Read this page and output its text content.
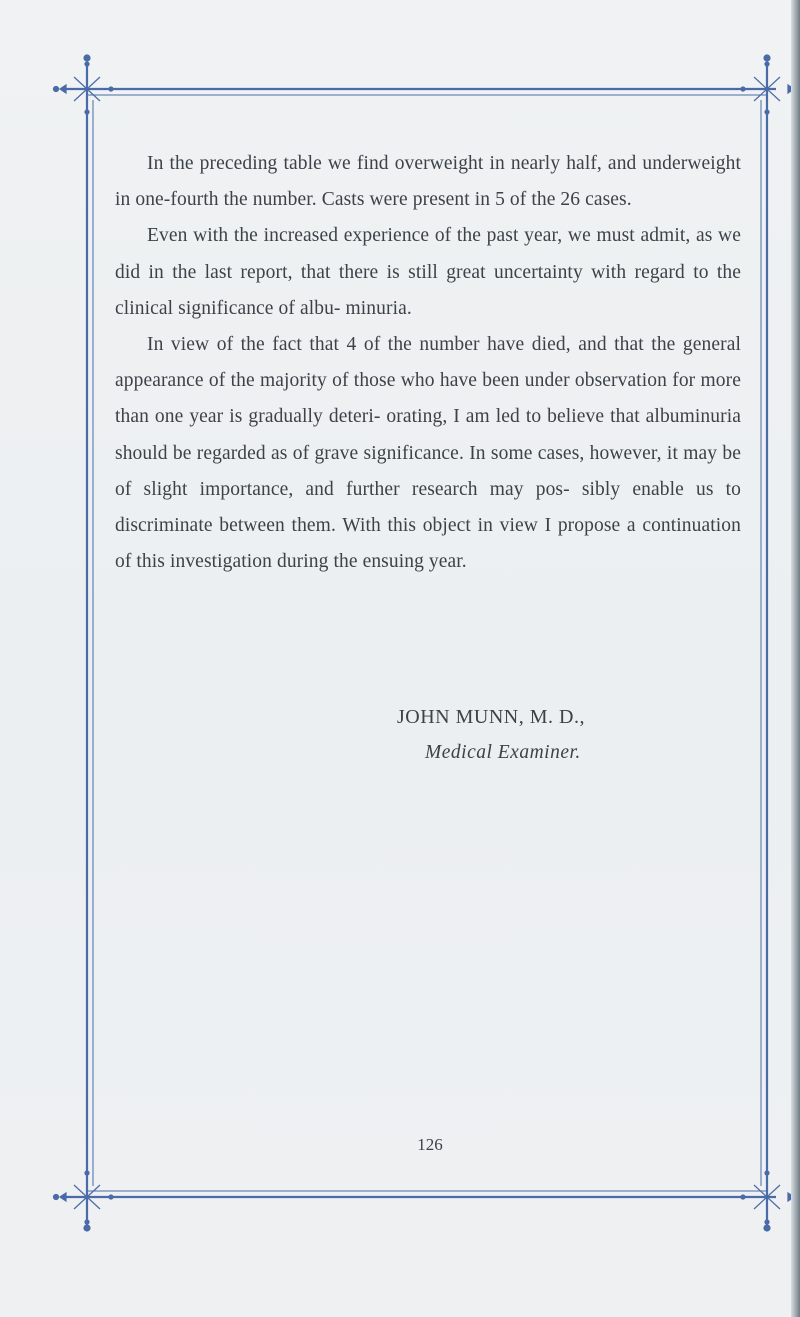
In the preceding table we find overweight in nearly half, and underweight in one-fourth the number. Casts were present in 5 of the 26 cases.

Even with the increased experience of the past year, we must admit, as we did in the last report, that there is still great uncertainty with regard to the clinical significance of albu- minuria.

In view of the fact that 4 of the number have died, and that the general appearance of the majority of those who have been under observation for more than one year is gradually deteri- orating, I am led to believe that albuminuria should be regarded as of grave significance. In some cases, however, it may be of slight importance, and further research may pos- sibly enable us to discriminate between them. With this object in view I propose a continuation of this investigation during the ensuing year.

JOHN MUNN, M. D.,
Medical Examiner.
126
